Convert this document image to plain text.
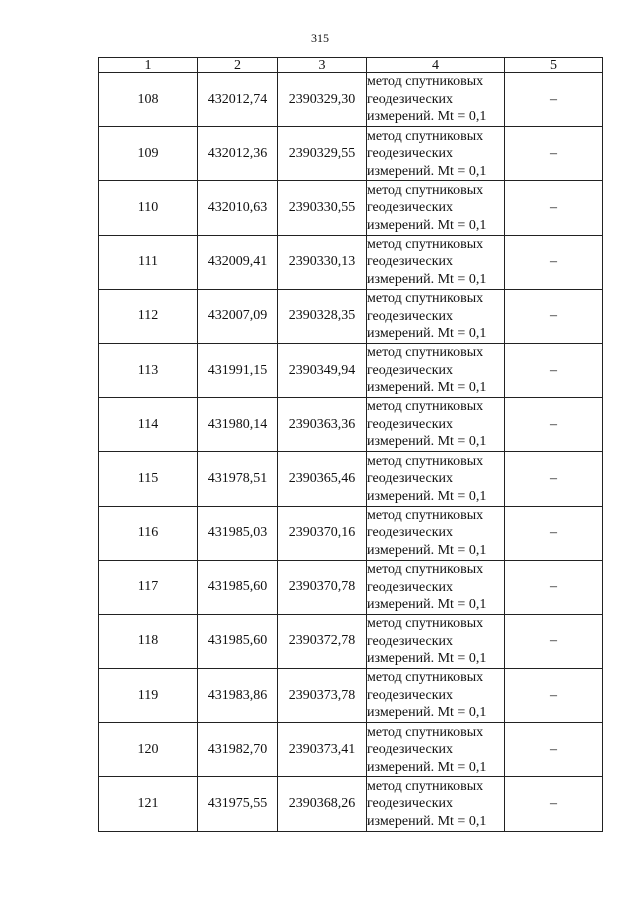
315
1	2	3	4	5
108	432012,74	2390329,30	метод спутниковых
геодезических
измерений. Mt = 0,1	–
109	432012,36	2390329,55	метод спутниковых
геодезических
измерений. Mt = 0,1	–
110	432010,63	2390330,55	метод спутниковых
геодезических
измерений. Mt = 0,1	–
111	432009,41	2390330,13	метод спутниковых
геодезических
измерений. Mt = 0,1	–
112	432007,09	2390328,35	метод спутниковых
геодезических
измерений. Mt = 0,1	–
113	431991,15	2390349,94	метод спутниковых
геодезических
измерений. Mt = 0,1	–
114	431980,14	2390363,36	метод спутниковых
геодезических
измерений. Mt = 0,1	–
115	431978,51	2390365,46	метод спутниковых
геодезических
измерений. Mt = 0,1	–
116	431985,03	2390370,16	метод спутниковых
геодезических
измерений. Mt = 0,1	–
117	431985,60	2390370,78	метод спутниковых
геодезических
измерений. Mt = 0,1	–
118	431985,60	2390372,78	метод спутниковых
геодезических
измерений. Mt = 0,1	–
119	431983,86	2390373,78	метод спутниковых
геодезических
измерений. Mt = 0,1	–
120	431982,70	2390373,41	метод спутниковых
геодезических
измерений. Mt = 0,1	–
121	431975,55	2390368,26	метод спутниковых
геодезических
измерений. Mt = 0,1	–
